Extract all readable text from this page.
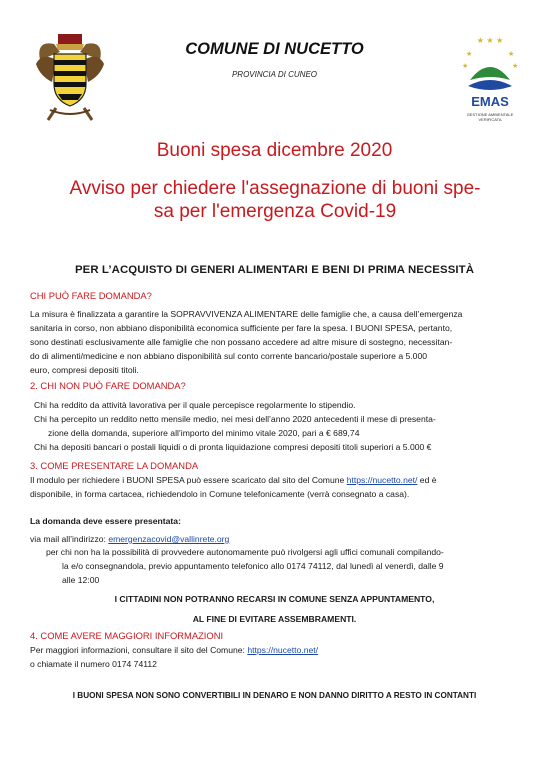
COMUNE DI NUCETTO
PROVINCIA DI CUNEO
★ ★ ★
★	★
★	★
EMAS
GESTIONE AMBIENTALE VERIFICATA
Buoni spesa dicembre 2020
Avviso per chiedere l'assegnazione di buoni spe-
sa per l'emergenza Covid-19
PER L’ACQUISTO DI GENERI ALIMENTARI E BENI DI PRIMA NECESSITÀ
CHI PUÒ FARE DOMANDA?
La misura è finalizzata a garantire la SOPRAVVIVENZA ALIMENTARE delle famiglie che, a causa dell’emergenza
sanitaria in corso, non abbiano disponibilità economica sufficiente per fare la spesa. I BUONI SPESA, pertanto,
sono destinati esclusivamente alle famiglie che non possano accedere ad altre misure di sostegno, necessitan-
do di alimenti/medicine e non abbiano disponibilità sul conto corrente bancario/postale superiore a 5.000
euro, compresi depositi titoli.
2. CHI NON PUÒ FARE DOMANDA?
Chi ha reddito da attività lavorativa per il quale percepisce regolarmente lo stipendio.
Chi ha percepito un reddito netto mensile medio, nei mesi dell’anno 2020 antecedenti il mese di presenta-
zione della domanda, superiore all’importo del minimo vitale 2020, pari a € 689,74
Chi ha depositi bancari o postali liquidi o di pronta liquidazione compresi depositi titoli superiori a 5.000 €
3. COME PRESENTARE LA DOMANDA
Il modulo per richiedere i BUONI SPESA può essere scaricato dal sito del Comune https://nucetto.net/ ed è
disponibile, in forma cartacea, richiedendolo in Comune telefonicamente (verrà consegnato a casa).
La domanda deve essere presentata:
via mail all’indirizzo: emergenzacovid@vallinrete.org
per chi non ha la possibilità di provvedere autonomamente può rivolgersi agli uffici comunali compilando-
la e/o consegnandola, previo appuntamento telefonico allo 0174 74112, dal lunedì al venerdì, dalle 9
alle 12:00
I CITTADINI NON POTRANNO RECARSI IN COMUNE SENZA APPUNTAMENTO,
AL FINE DI EVITARE ASSEMBRAMENTI.
4. COME AVERE MAGGIORI INFORMAZIONI
Per maggiori informazioni, consultare il sito del Comune: https://nucetto.net/
o chiamate il numero 0174 74112
I BUONI SPESA NON SONO CONVERTIBILI IN DENARO E NON DANNO DIRITTO A RESTO IN CONTANTI
